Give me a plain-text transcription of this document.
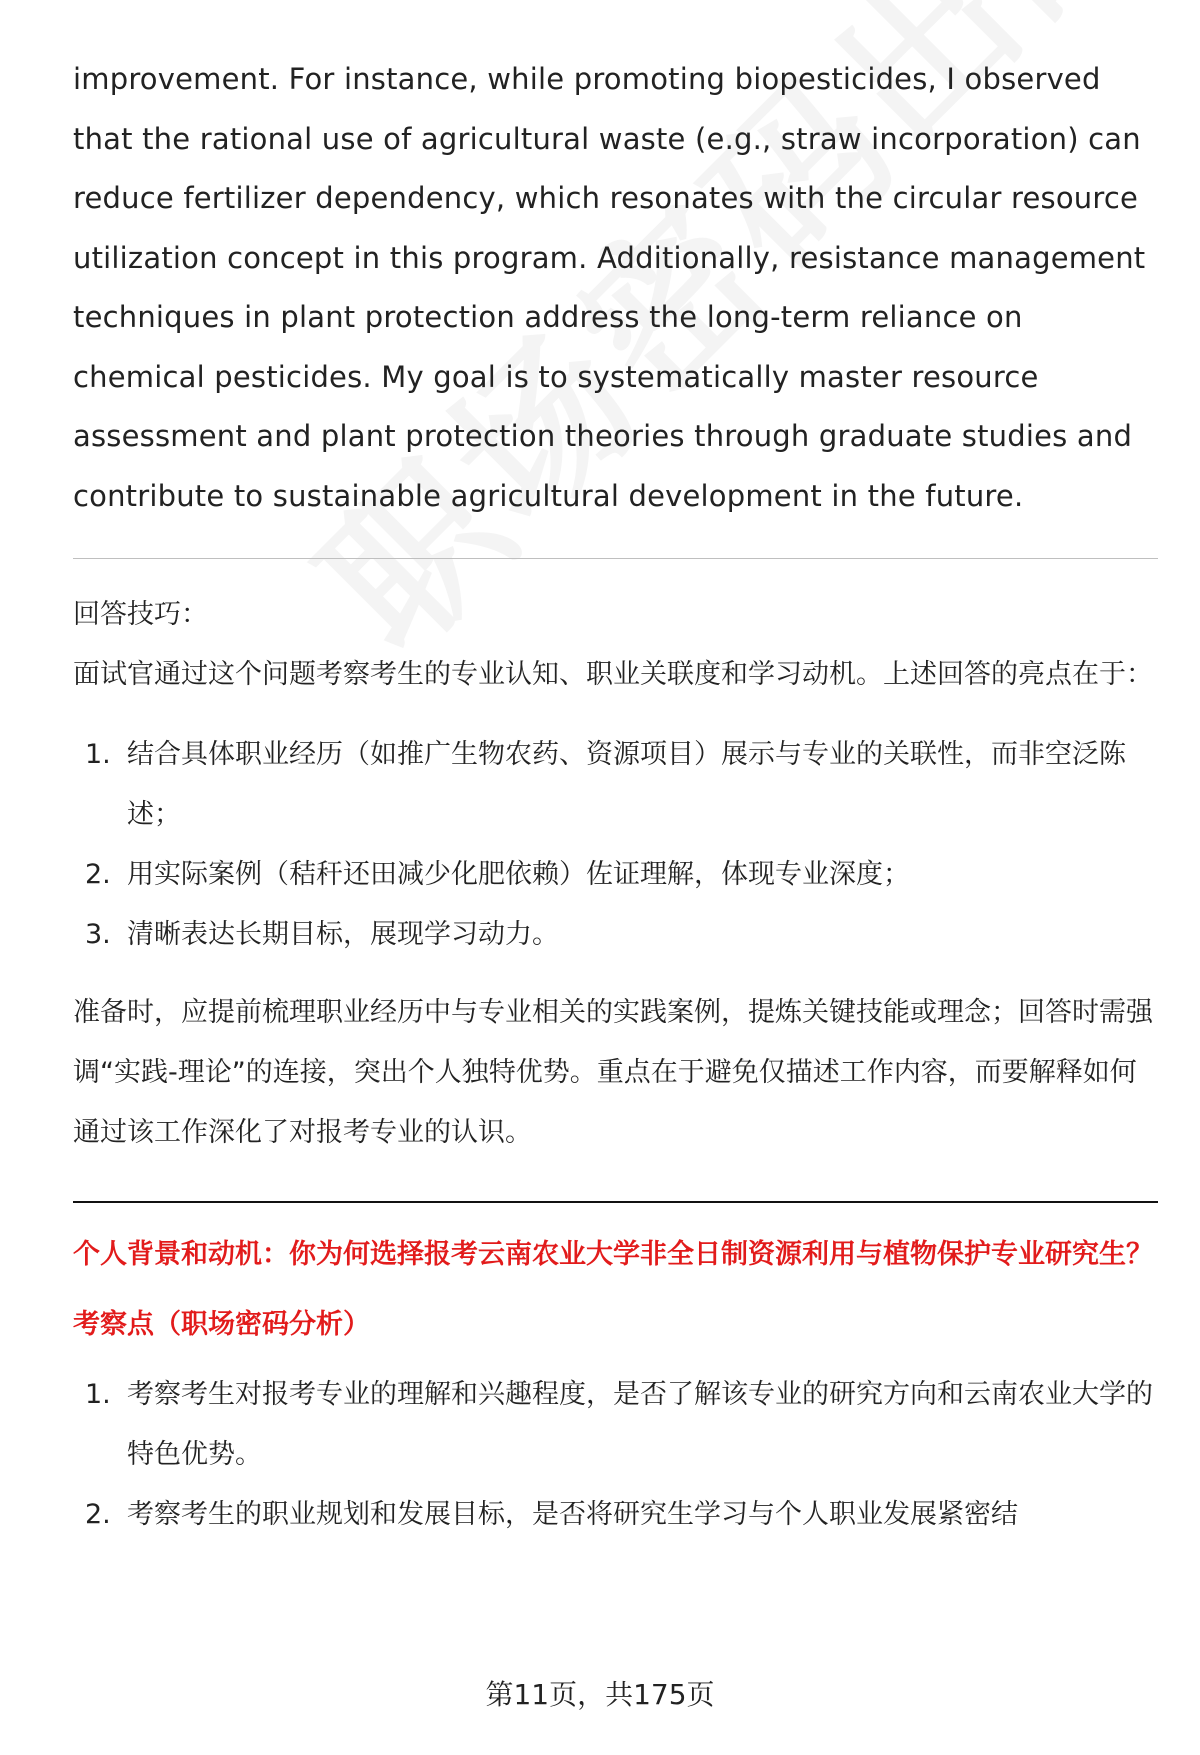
improvement. For instance, while promoting biopesticides, I observed that the rational use of agricultural waste (e.g., straw incorporation) can reduce fertilizer dependency, which resonates with the circular resource utilization concept in this program. Additionally, resistance management techniques in plant protection address the long-term reliance on chemical pesticides. My goal is to systematically master resource assessment and plant protection theories through graduate studies and contribute to sustainable agricultural development in the future.

回答技巧：

面试官通过这个问题考察考生的专业认知、职业关联度和学习动机。上述回答的亮点在于：

1. 结合具体职业经历（如推广生物农药、资源项目）展示与专业的关联性，而非空泛陈述；
2. 用实际案例（秸秆还田减少化肥依赖）佐证理解，体现专业深度；
3. 清晰表达长期目标，展现学习动力。

准备时，应提前梳理职业经历中与专业相关的实践案例，提炼关键技能或理念；回答时需强调“实践-理论”的连接，突出个人独特优势。重点在于避免仅描述工作内容，而要解释如何通过该工作深化了对报考专业的认识。

个人背景和动机：你为何选择报考云南农业大学非全日制资源利用与植物保护专业研究生？

考察点（职场密码分析）

1. 考察考生对报考专业的理解和兴趣程度，是否了解该专业的研究方向和云南农业大学的特色优势。
2. 考察考生的职业规划和发展目标，是否将研究生学习与个人职业发展紧密结
第11页，共175页
